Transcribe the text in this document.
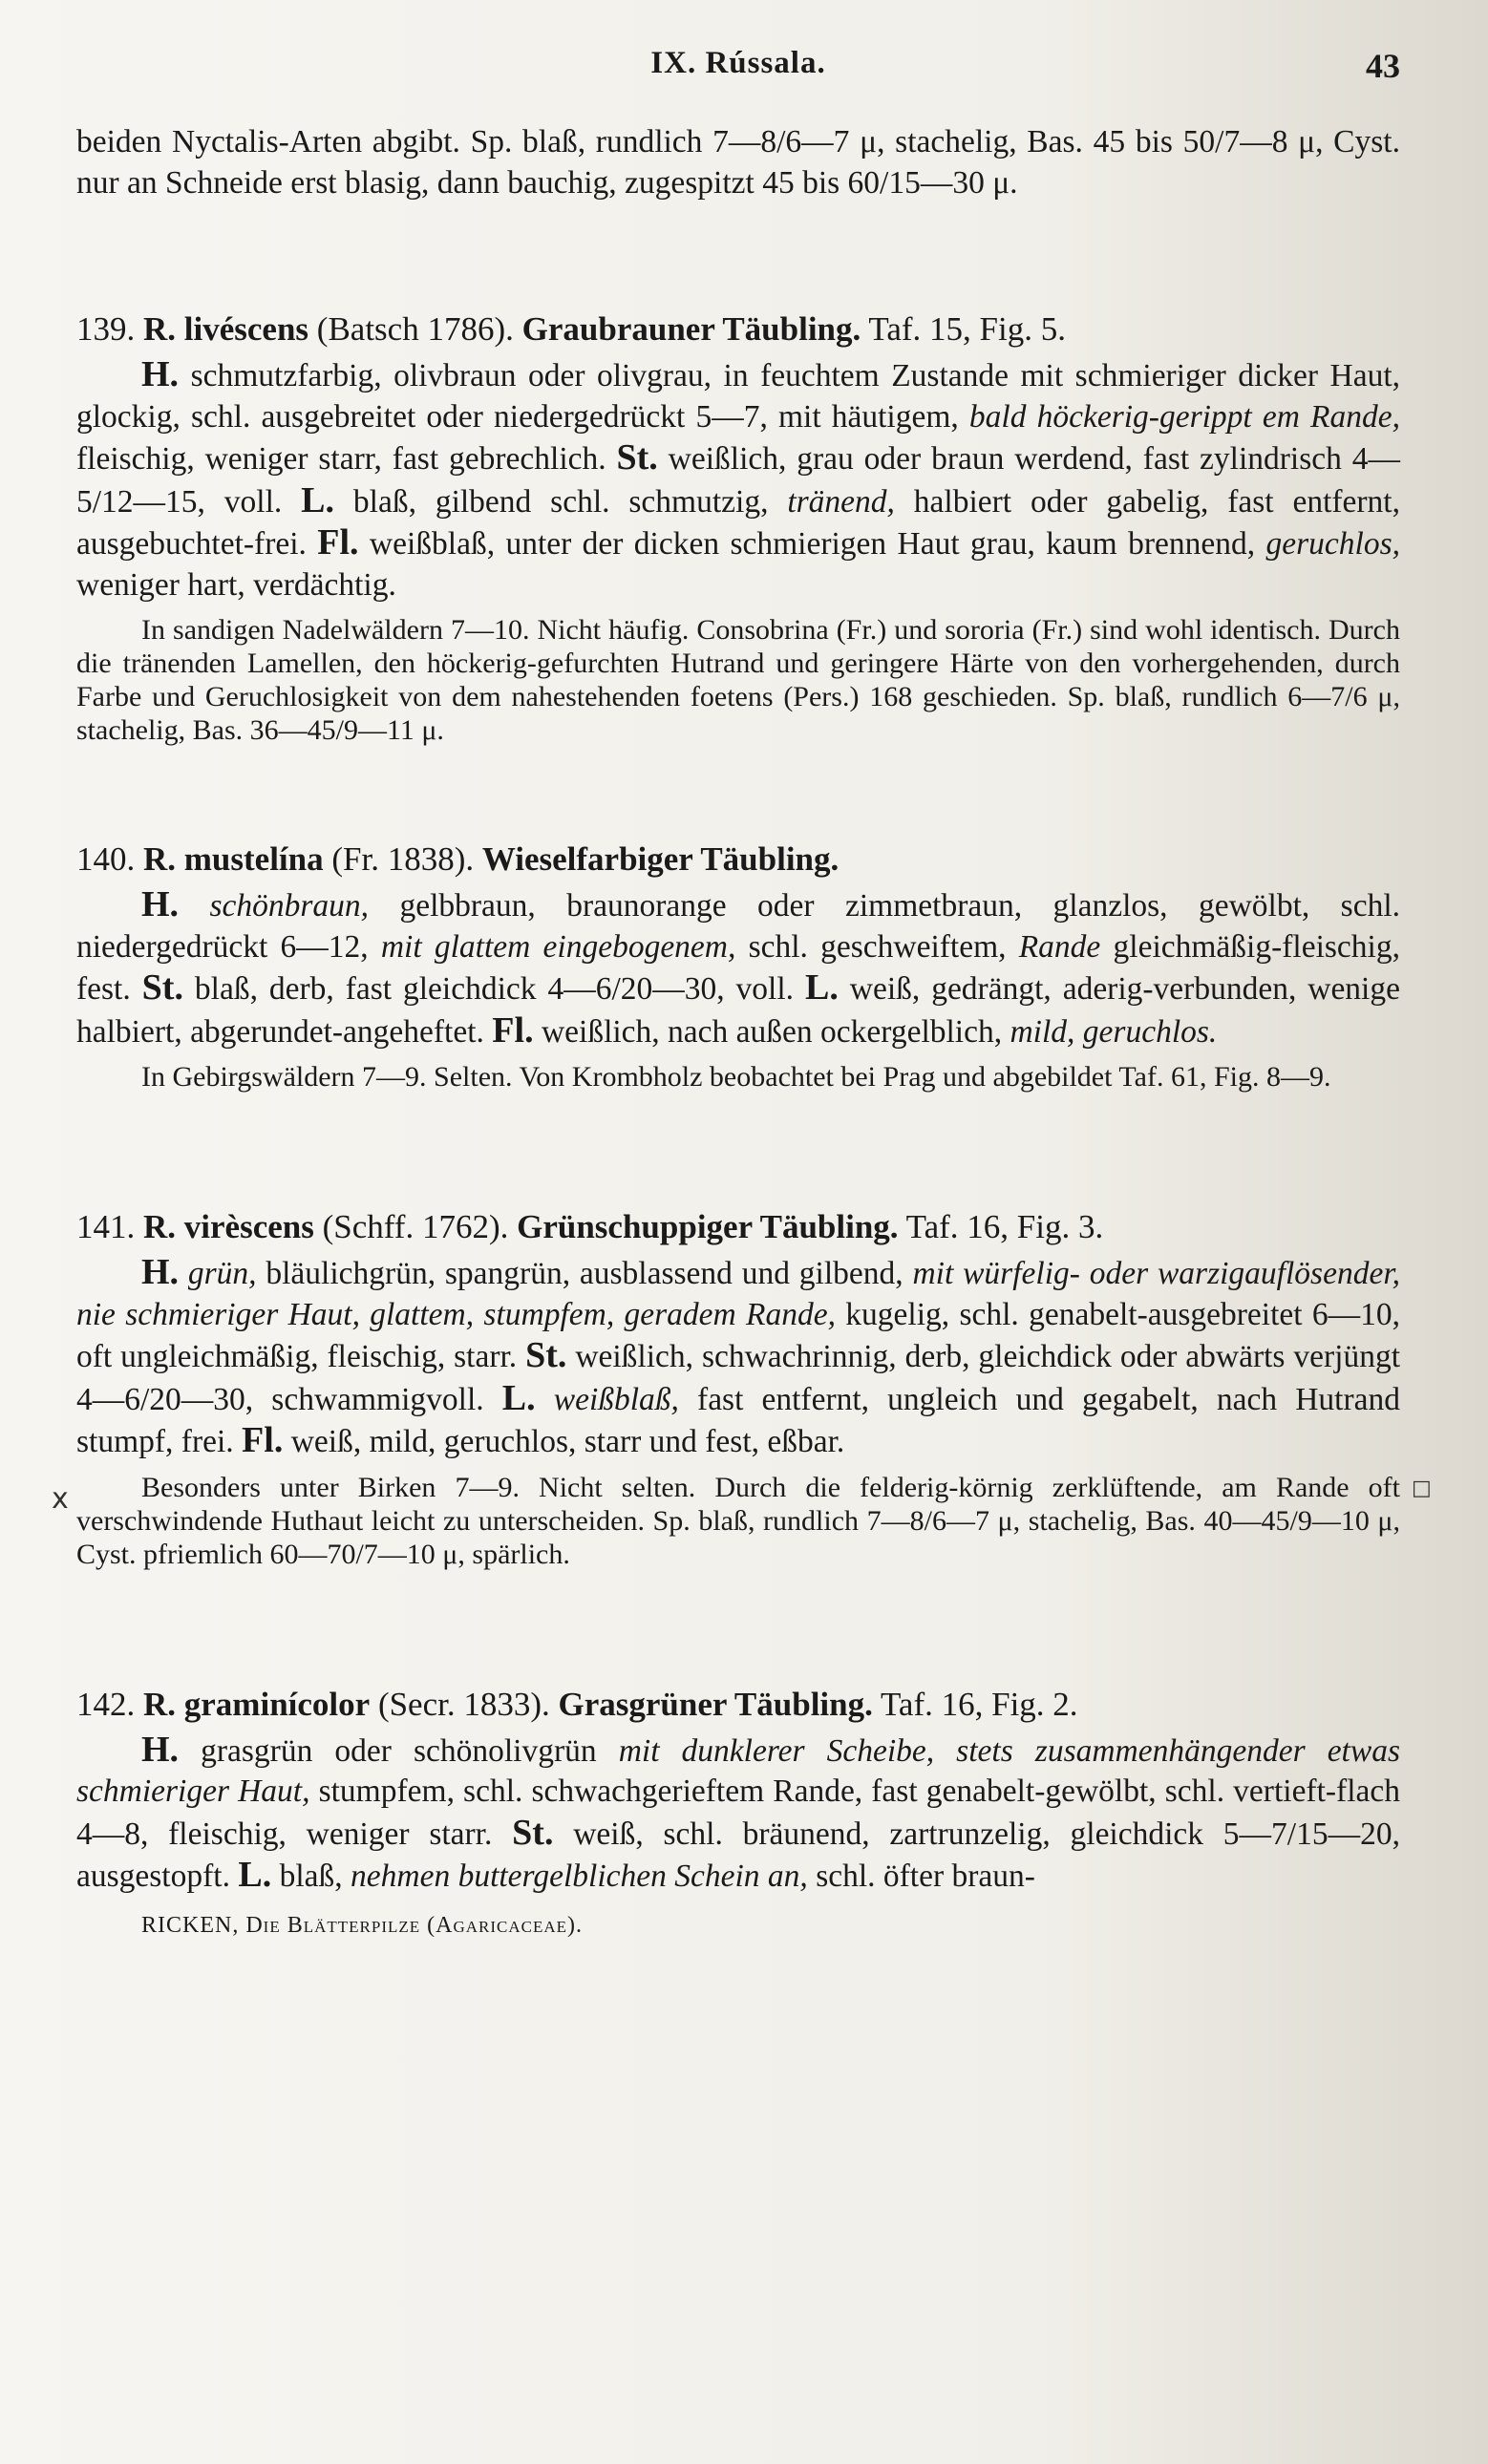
IX. Rússala.	43

beiden Nyctalis-Arten abgibt. Sp. blaß, rundlich 7—8/6—7 μ, stachelig, Bas. 45 bis 50/7—8 μ, Cyst. nur an Schneide erst blasig, dann bauchig, zugespitzt 45 bis 60/15—30 μ.

139. R. livéscens (Batsch 1786). Graubrauner Täubling. Taf. 15, Fig. 5.

H. schmutzfarbig, olivbraun oder olivgrau, in feuchtem Zustande mit schmieriger dicker Haut, glockig, schl. ausgebreitet oder niedergedrückt 5—7, mit häutigem, bald höckerig-gerippt em Rande, fleischig, weniger starr, fast gebrechlich. St. weißlich, grau oder braun werdend, fast zylindrisch 4—5/12—15, voll. L. blaß, gilbend schl. schmutzig, tränend, halbiert oder gabelig, fast entfernt, ausgebuchtet-frei. Fl. weißblaß, unter der dicken schmierigen Haut grau, kaum brennend, geruchlos, weniger hart, verdächtig.

In sandigen Nadelwäldern 7—10. Nicht häufig. Consobrina (Fr.) und sororia (Fr.) sind wohl identisch. Durch die tränenden Lamellen, den höckerig-gefurchten Hutrand und geringere Härte von den vorhergehenden, durch Farbe und Geruchlosigkeit von dem nahestehenden foetens (Pers.) 168 geschieden. Sp. blaß, rundlich 6—7/6 μ, stachelig, Bas. 36—45/9—11 μ.

140. R. mustelína (Fr. 1838). Wieselfarbiger Täubling.

H. schönbraun, gelbbraun, braunorange oder zimmetbraun, glanzlos, gewölbt, schl. niedergedrückt 6—12, mit glattem eingebogenem, schl. geschweiftem, Rande gleichmäßig-fleischig, fest. St. blaß, derb, fast gleichdick 4—6/20—30, voll. L. weiß, gedrängt, aderig-verbunden, wenige halbiert, abgerundet-angeheftet. Fl. weißlich, nach außen ockergelblich, mild, geruchlos.

In Gebirgswäldern 7—9. Selten. Von Krombholz beobachtet bei Prag und abgebildet Taf. 61, Fig. 8—9.

141. R. virèscens (Schff. 1762). Grünschuppiger Täubling. Taf. 16, Fig. 3.

H. grün, bläulichgrün, spangrün, ausblassend und gilbend, mit würfelig- oder warzigauflösender, nie schmieriger Haut, glattem, stumpfem, geradem Rande, kugelig, schl. genabelt-ausgebreitet 6—10, oft ungleichmäßig, fleischig, starr. St. weißlich, schwachrinnig, derb, gleichdick oder abwärts verjüngt 4—6/20—30, schwammigvoll. L. weißblaß, fast entfernt, ungleich und gegabelt, nach Hutrand stumpf, frei. Fl. weiß, mild, geruchlos, starr und fest, eßbar.

Besonders unter Birken 7—9. Nicht selten. Durch die felderig-körnig zerklüftende, am Rande oft verschwindende Huthaut leicht zu unterscheiden. Sp. blaß, rundlich 7—8/6—7 μ, stachelig, Bas. 40—45/9—10 μ, Cyst. pfriemlich 60—70/7—10 μ, spärlich.

142. R. graminícolor (Secr. 1833). Grasgrüner Täubling. Taf. 16, Fig. 2.

H. grasgrün oder schönolivgrün mit dunklerer Scheibe, stets zusammenhängender etwas schmieriger Haut, stumpfem, schl. schwachgerieftem Rande, fast genabelt-gewölbt, schl. vertieft-flach 4—8, fleischig, weniger starr. St. weiß, schl. bräunend, zartrunzelig, gleichdick 5—7/15—20, ausgestopft. L. blaß, nehmen buttergelblichen Schein an, schl. öfter braun-

RICKEN, Die Blätterpilze (Agaricaceae).
x	□
